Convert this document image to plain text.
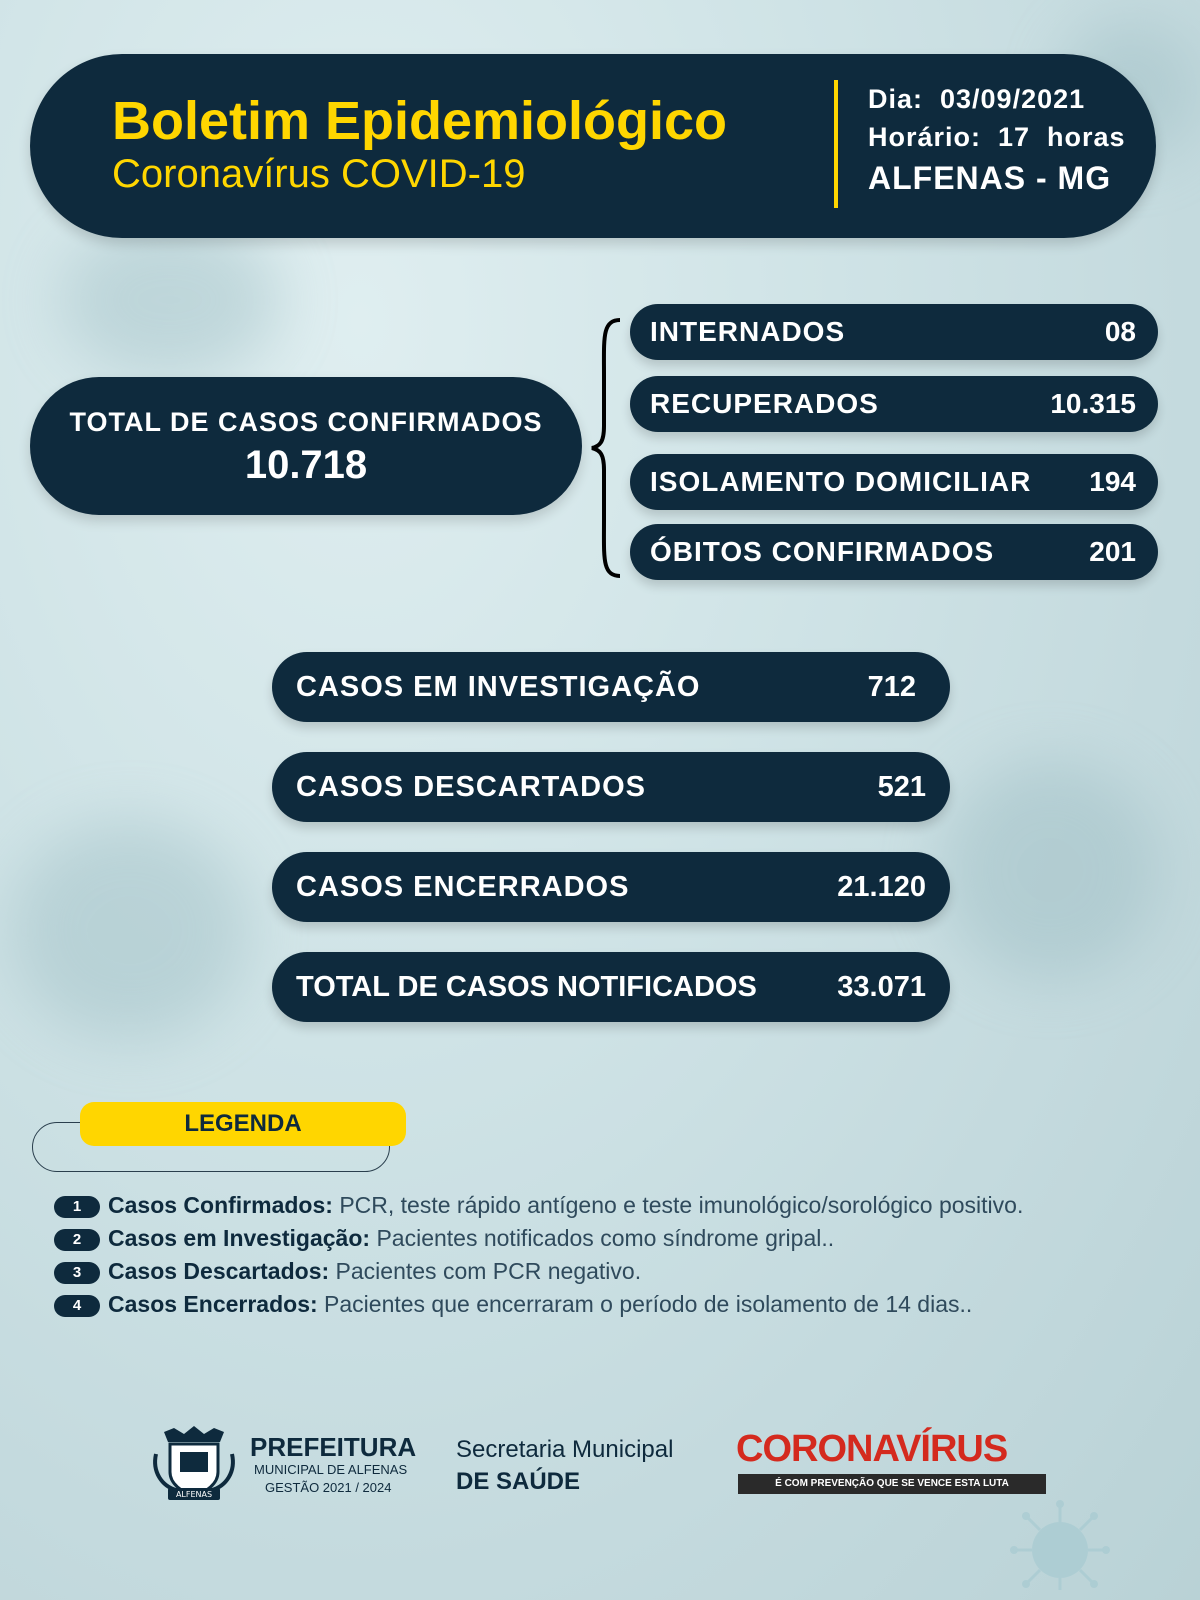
Boletim Epidemiológico
Coronavírus COVID-19
Dia:  03/09/2021
Horário:  17  horas
ALFENAS - MG
TOTAL DE CASOS CONFIRMADOS
10.718
INTERNADOS	08
RECUPERADOS	10.315
ISOLAMENTO DOMICILIAR 194
ÓBITOS CONFIRMADOS	201
CASOS EM INVESTIGAÇÃO	712
CASOS DESCARTADOS	521
CASOS ENCERRADOS	21.120
TOTAL DE CASOS NOTIFICADOS	33.071
LEGENDA
1 Casos Confirmados: PCR, teste rápido antígeno e teste imunológico/sorológico positivo.
2 Casos em Investigação: Pacientes notificados como síndrome gripal..
3 Casos Descartados: Pacientes com PCR negativo.
4 Casos Encerrados: Pacientes que encerraram o período de isolamento de 14 dias..
ALFENAS
PREFEITURA
MUNICIPAL DE ALFENAS
GESTÃO 2021 / 2024
Secretaria Municipal
DE SAÚDE
CORONAVÍRUS
É COM PREVENÇÃO QUE SE VENCE ESTA LUTA
